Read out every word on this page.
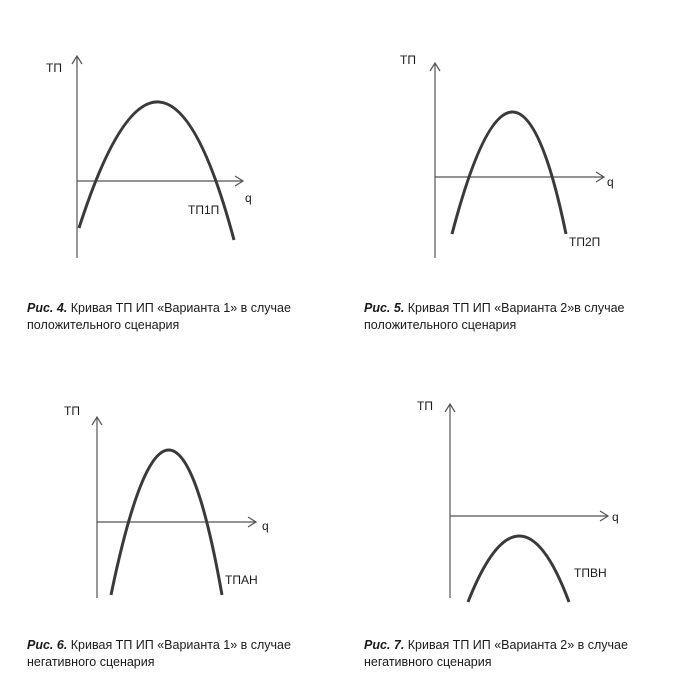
ТП
q
ТП1П
Рис. 4. Кривая ТП ИП «Варианта 1» в случае
положительного сценария
ТП
q
ТП2П
Рис. 5. Кривая ТП ИП «Варианта 2»в случае
положительного сценария
ТП
q
ТПАН
Рис. 6. Кривая ТП ИП «Варианта 1» в случае
негативного сценария
ТП
q
ТПВН
Рис. 7. Кривая ТП ИП «Варианта 2» в случае
негативного сценария
